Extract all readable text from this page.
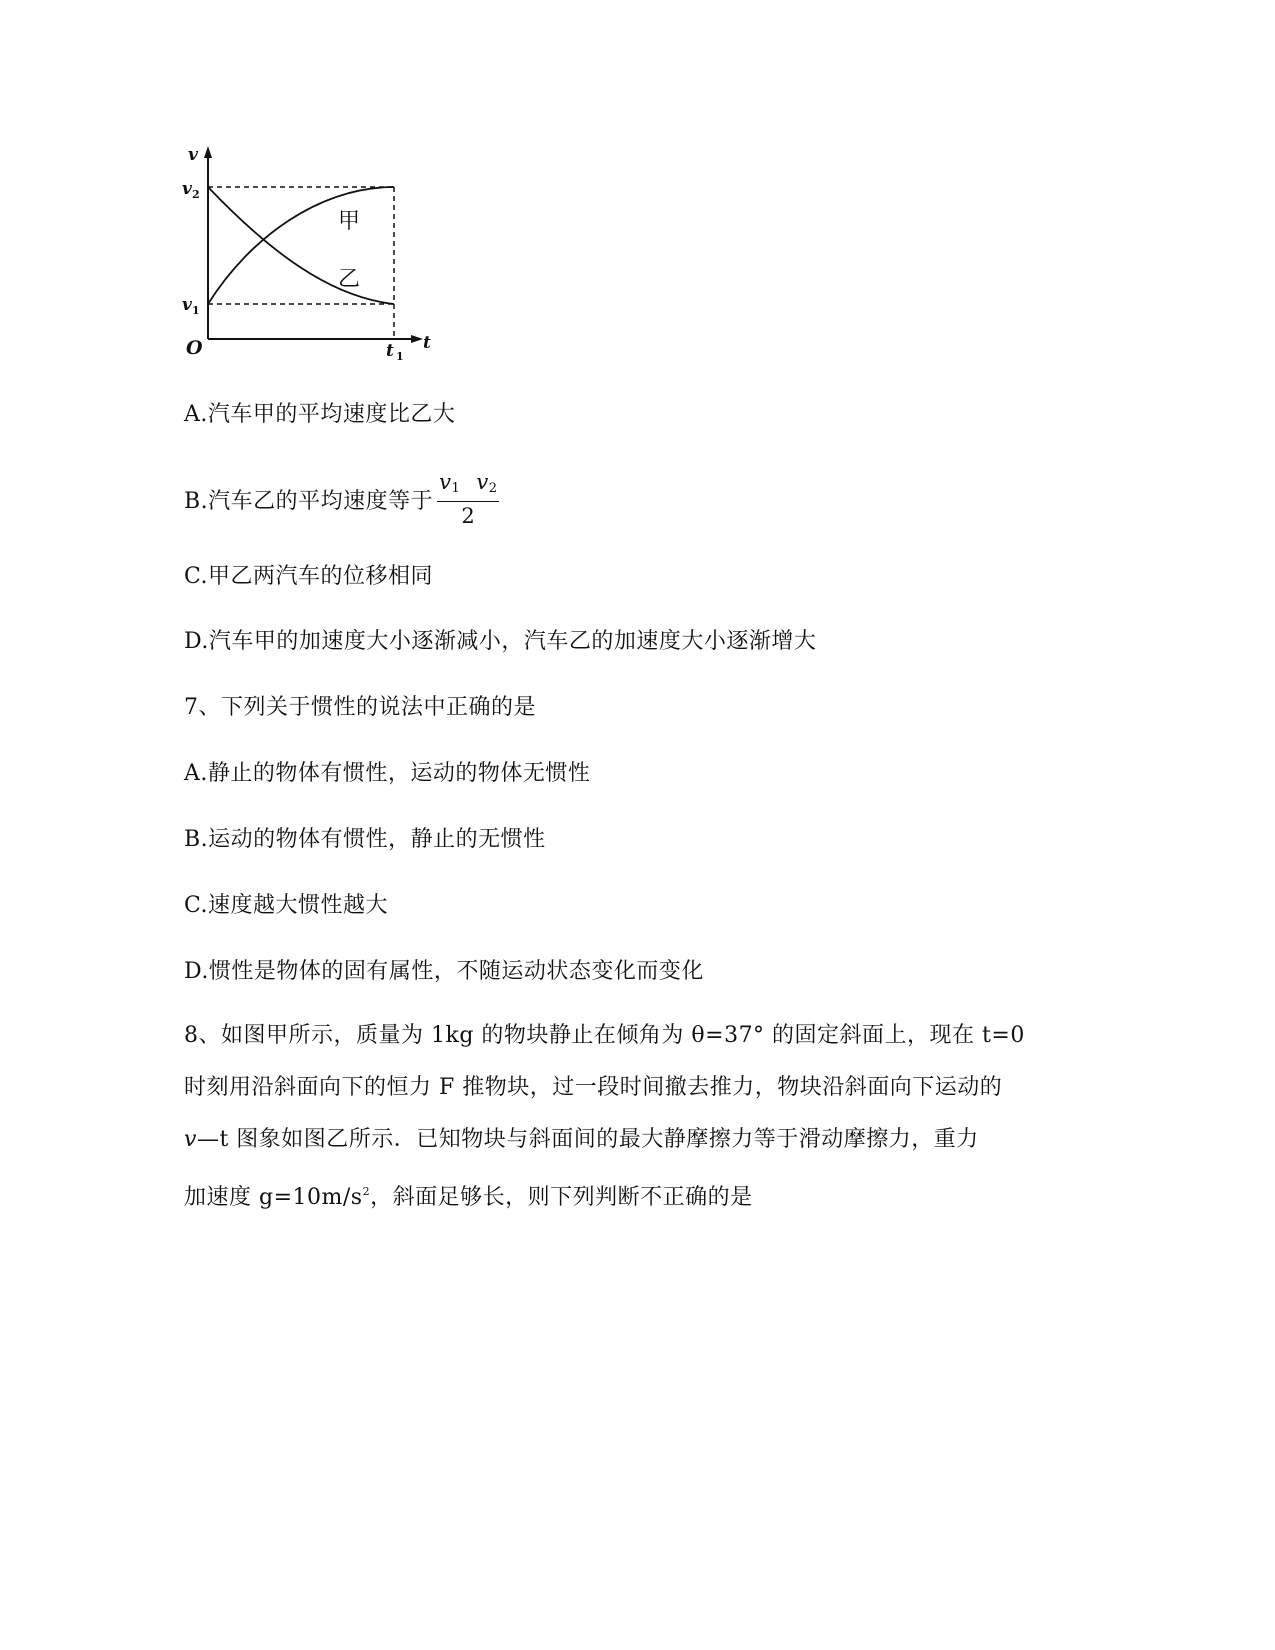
v
t
O
v 2
v 1
t 1
甲
乙
A.汽车甲的平均速度比乙大
B.汽车乙的平均速度等于 $\frac{v_1 v_2}{2}$
C.甲乙两汽车的位移相同
D.汽车甲的加速度大小逐渐减小，汽车乙的加速度大小逐渐增大
7、下列关于惯性的说法中正确的是
A.静止的物体有惯性，运动的物体无惯性
B.运动的物体有惯性，静止的无惯性
C.速度越大惯性越大
D.惯性是物体的固有属性，不随运动状态变化而变化
8、如图甲所示，质量为 1kg 的物块静止在倾角为 θ=37° 的固定斜面上，现在 t=0
时刻用沿斜面向下的恒力 F 推物块，过一段时间撤去推力，物块沿斜面向下运动的
v—t 图象如图乙所示．已知物块与斜面间的最大静摩擦力等于滑动摩擦力，重力
加速度 $g=10m/s^2$，斜面足够长，则下列判断不正确的是
